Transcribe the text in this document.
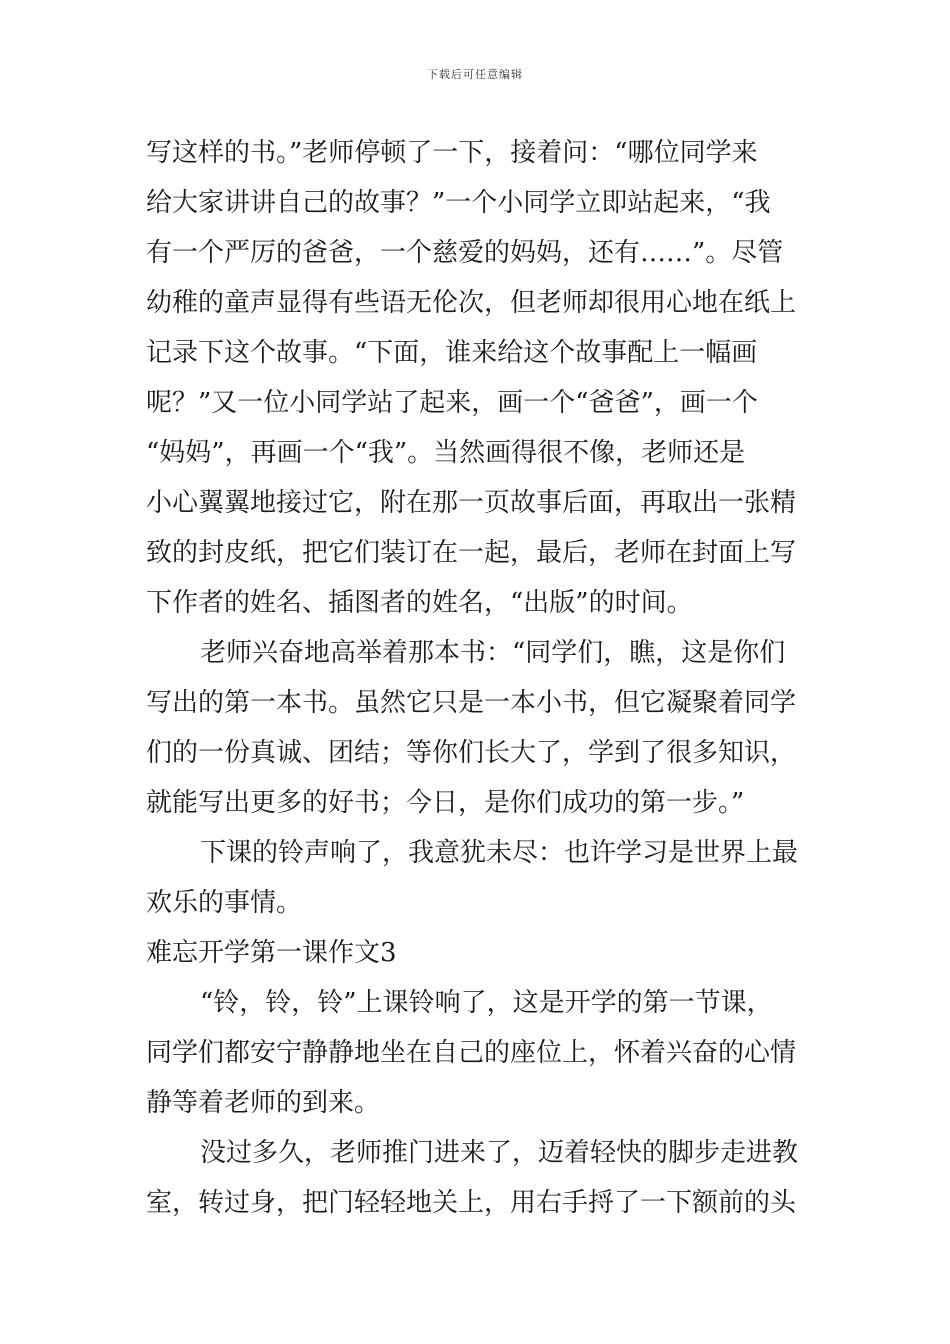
下载后可任意编辑
写这样的书。”老师停顿了一下，接着问：“哪位同学来
给大家讲讲自己的故事？”一个小同学立即站起来，“我
有一个严厉的爸爸，一个慈爱的妈妈，还有……”。尽管
幼稚的童声显得有些语无伦次，但老师却很用心地在纸上
记录下这个故事。“下面，谁来给这个故事配上一幅画
呢？”又一位小同学站了起来，画一个“爸爸”，画一个
“妈妈”，再画一个“我”。当然画得很不像，老师还是
小心翼翼地接过它，附在那一页故事后面，再取出一张精
致的封皮纸，把它们装订在一起，最后，老师在封面上写
下作者的姓名、插图者的姓名，“出版”的时间。
老师兴奋地高举着那本书：“同学们，瞧，这是你们
写出的第一本书。虽然它只是一本小书，但它凝聚着同学
们的一份真诚、团结；等你们长大了，学到了很多知识，
就能写出更多的好书；今日，是你们成功的第一步。”
下课的铃声响了，我意犹未尽：也许学习是世界上最
欢乐的事情。
难忘开学第一课作文3
“铃，铃，铃”上课铃响了，这是开学的第一节课，
同学们都安宁静静地坐在自己的座位上，怀着兴奋的心情
静等着老师的到来。
没过多久，老师推门进来了，迈着轻快的脚步走进教
室，转过身，把门轻轻地关上，用右手捋了一下额前的头
